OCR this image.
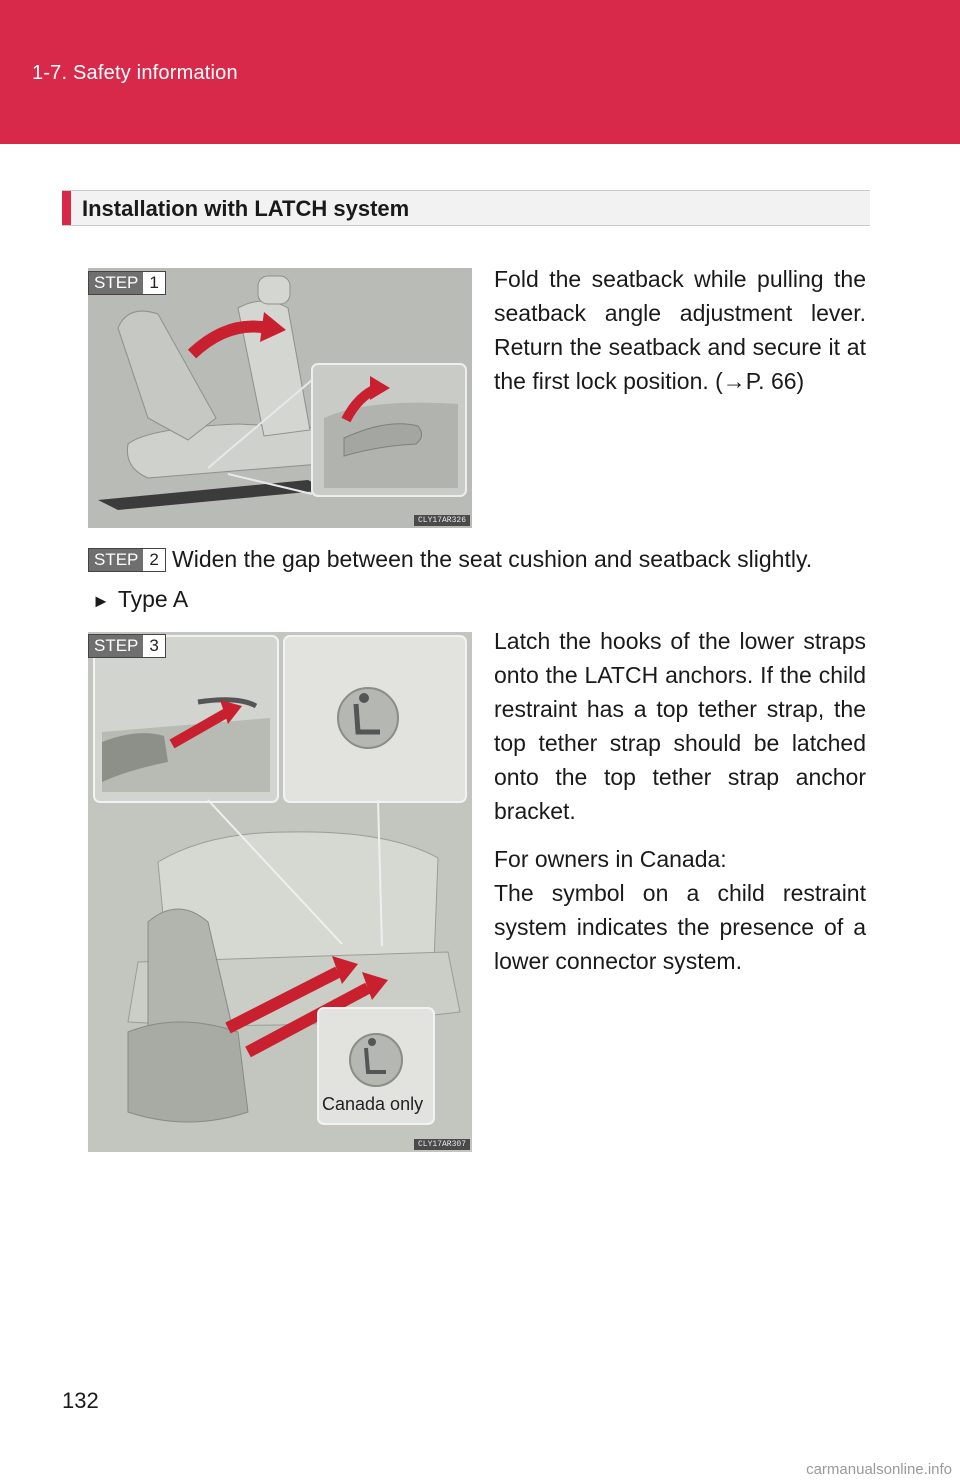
1-7. Safety information
Installation with LATCH system
CLY17AR326
STEP 1	Fold the seatback while pulling the seatback angle adjustment lever. Return the seatback and secure it at the first lock position. (→P. 66)
STEP 2 Widen the gap between the seat cushion and seatback slightly.
► Type A
Canada only
CLY17AR307
STEP 3	Latch the hooks of the lower straps onto the LATCH anchors. If the child restraint has a top tether strap, the top tether strap should be latched onto the top tether strap anchor bracket.
For owners in Canada:
The symbol on a child restraint system indicates the presence of a lower connector system.
132
carmanualsonline.info
